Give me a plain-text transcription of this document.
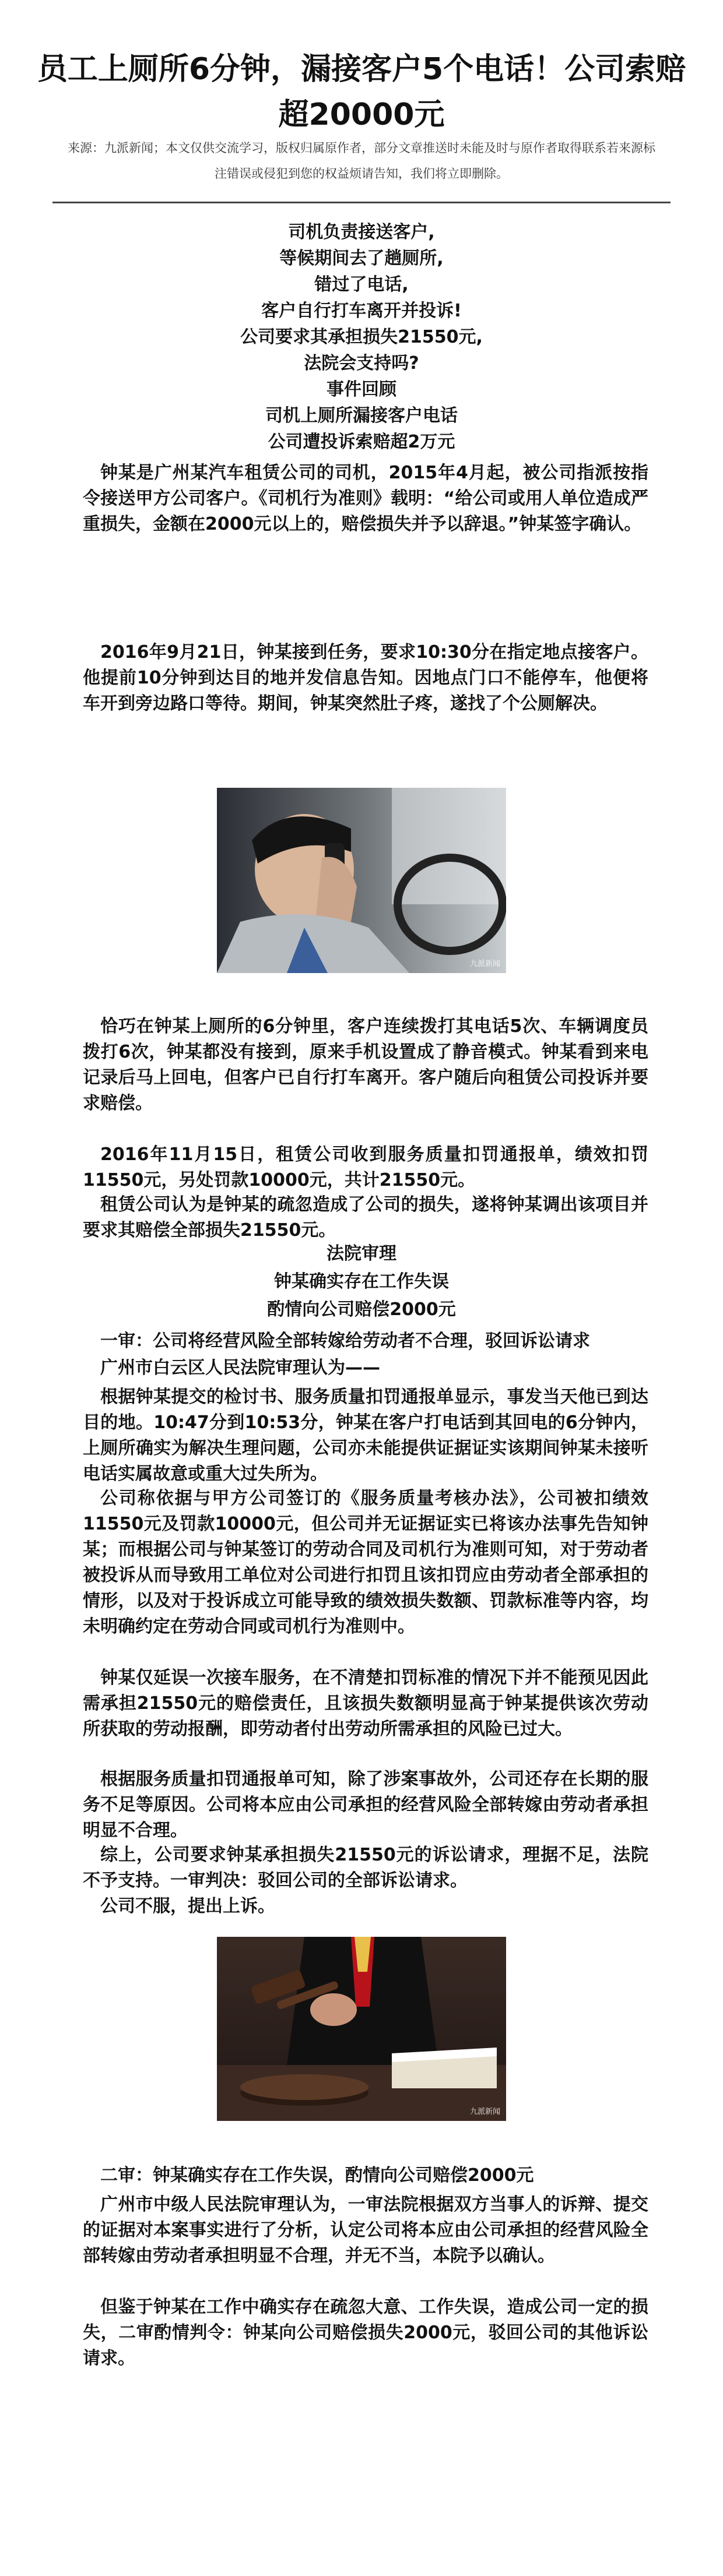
员工上厕所6分钟，漏接客户5个电话！公司索赔超20000元
来源：九派新闻；本文仅供交流学习，版权归属原作者，部分文章推送时未能及时与原作者取得联系若来源标注错误或侵犯到您的权益烦请告知，我们将立即删除。
司机负责接送客户,
等候期间去了趟厕所,
错过了电话,
客户自行打车离开并投诉!
公司要求其承担损失21550元,
法院会支持吗?
事件回顾
司机上厕所漏接客户电话
公司遭投诉索赔超2万元
钟某是广州某汽车租赁公司的司机，2015年4月起，被公司指派按指令接送甲方公司客户。《司机行为准则》载明：“给公司或用人单位造成严重损失，金额在2000元以上的，赔偿损失并予以辞退。”钟某签字确认。
2016年9月21日，钟某接到任务，要求10:30分在指定地点接客户。他提前10分钟到达目的地并发信息告知。因地点门口不能停车，他便将车开到旁边路口等待。期间，钟某突然肚子疼，遂找了个公厕解决。
九派新闻
恰巧在钟某上厕所的6分钟里，客户连续拨打其电话5次、车辆调度员拨打6次，钟某都没有接到，原来手机设置成了静音模式。钟某看到来电记录后马上回电，但客户已自行打车离开。客户随后向租赁公司投诉并要求赔偿。
2016年11月15日，租赁公司收到服务质量扣罚通报单，绩效扣罚11550元，另处罚款10000元，共计21550元。
租赁公司认为是钟某的疏忽造成了公司的损失，遂将钟某调出该项目并要求其赔偿全部损失21550元。
法院审理
钟某确实存在工作失误
酌情向公司赔偿2000元
一审：公司将经营风险全部转嫁给劳动者不合理，驳回诉讼请求
广州市白云区人民法院审理认为——
根据钟某提交的检讨书、服务质量扣罚通报单显示，事发当天他已到达目的地。10:47分到10:53分，钟某在客户打电话到其回电的6分钟内，上厕所确实为解决生理问题，公司亦未能提供证据证实该期间钟某未接听电话实属故意或重大过失所为。
公司称依据与甲方公司签订的《服务质量考核办法》，公司被扣绩效11550元及罚款10000元，但公司并无证据证实已将该办法事先告知钟某；而根据公司与钟某签订的劳动合同及司机行为准则可知，对于劳动者被投诉从而导致用工单位对公司进行扣罚且该扣罚应由劳动者全部承担的情形，以及对于投诉成立可能导致的绩效损失数额、罚款标准等内容，均未明确约定在劳动合同或司机行为准则中。
钟某仅延误一次接车服务，在不清楚扣罚标准的情况下并不能预见因此需承担21550元的赔偿责任，且该损失数额明显高于钟某提供该次劳动所获取的劳动报酬，即劳动者付出劳动所需承担的风险已过大。
根据服务质量扣罚通报单可知，除了涉案事故外，公司还存在长期的服务不足等原因。公司将本应由公司承担的经营风险全部转嫁由劳动者承担明显不合理。
综上，公司要求钟某承担损失21550元的诉讼请求，理据不足，法院不予支持。一审判决：驳回公司的全部诉讼请求。
公司不服，提出上诉。
九派新闻
二审：钟某确实存在工作失误，酌情向公司赔偿2000元
广州市中级人民法院审理认为，一审法院根据双方当事人的诉辩、提交的证据对本案事实进行了分析，认定公司将本应由公司承担的经营风险全部转嫁由劳动者承担明显不合理，并无不当，本院予以确认。
但鉴于钟某在工作中确实存在疏忽大意、工作失误，造成公司一定的损失，二审酌情判令：钟某向公司赔偿损失2000元，驳回公司的其他诉讼请求。
